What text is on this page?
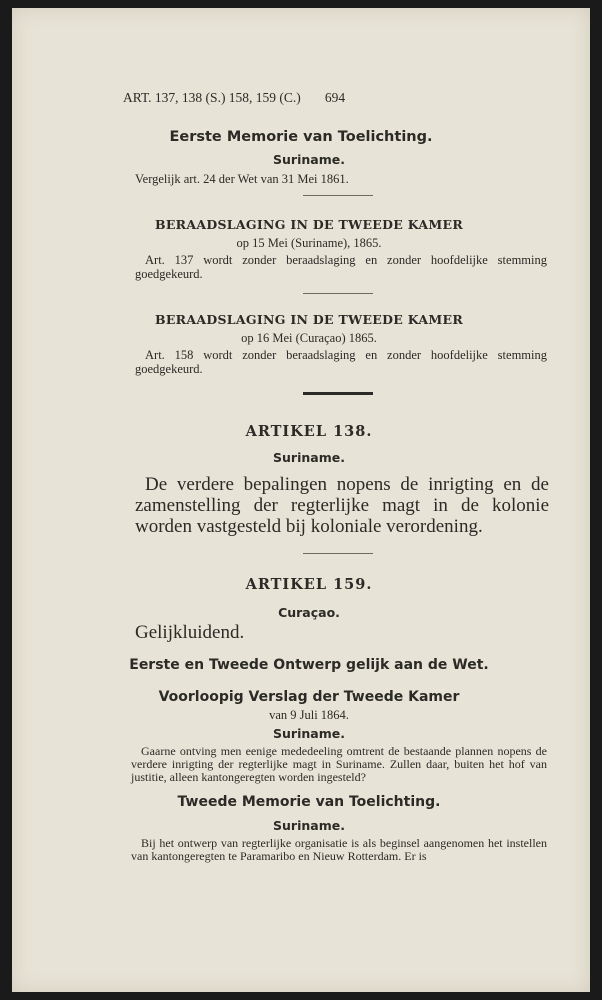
ART. 137, 138 (S.) 158, 159 (C.) 694
Eerste Memorie van Toelichting.
Suriname.
Vergelijk art. 24 der Wet van 31 Mei 1861.
BERAADSLAGING IN DE TWEEDE KAMER
op 15 Mei (Suriname), 1865.
Art. 137 wordt zonder beraadslaging en zonder hoofdelijke stemming goedgekeurd.
BERAADSLAGING IN DE TWEEDE KAMER
op 16 Mei (Curaçao) 1865.
Art. 158 wordt zonder beraadslaging en zonder hoofdelijke stemming goedgekeurd.
ARTIKEL 138.
Suriname.
De verdere bepalingen nopens de inrigting en de zamenstelling der regterlijke magt in de kolonie worden vastgesteld bij koloniale verordening.
ARTIKEL 159.
Curaçao.
Gelijkluidend.
Eerste en Tweede Ontwerp gelijk aan de Wet.
Voorloopig Verslag der Tweede Kamer
van 9 Juli 1864.
Suriname.
Gaarne ontving men eenige mededeeling omtrent de bestaande plannen nopens de verdere inrigting der regterlijke magt in Suriname. Zullen daar, buiten het hof van justitie, alleen kantongeregten worden ingesteld?
Tweede Memorie van Toelichting.
Suriname.
Bij het ontwerp van regterlijke organisatie is als beginsel aangenomen het instellen van kantongeregten te Paramaribo en Nieuw Rotterdam. Er is
